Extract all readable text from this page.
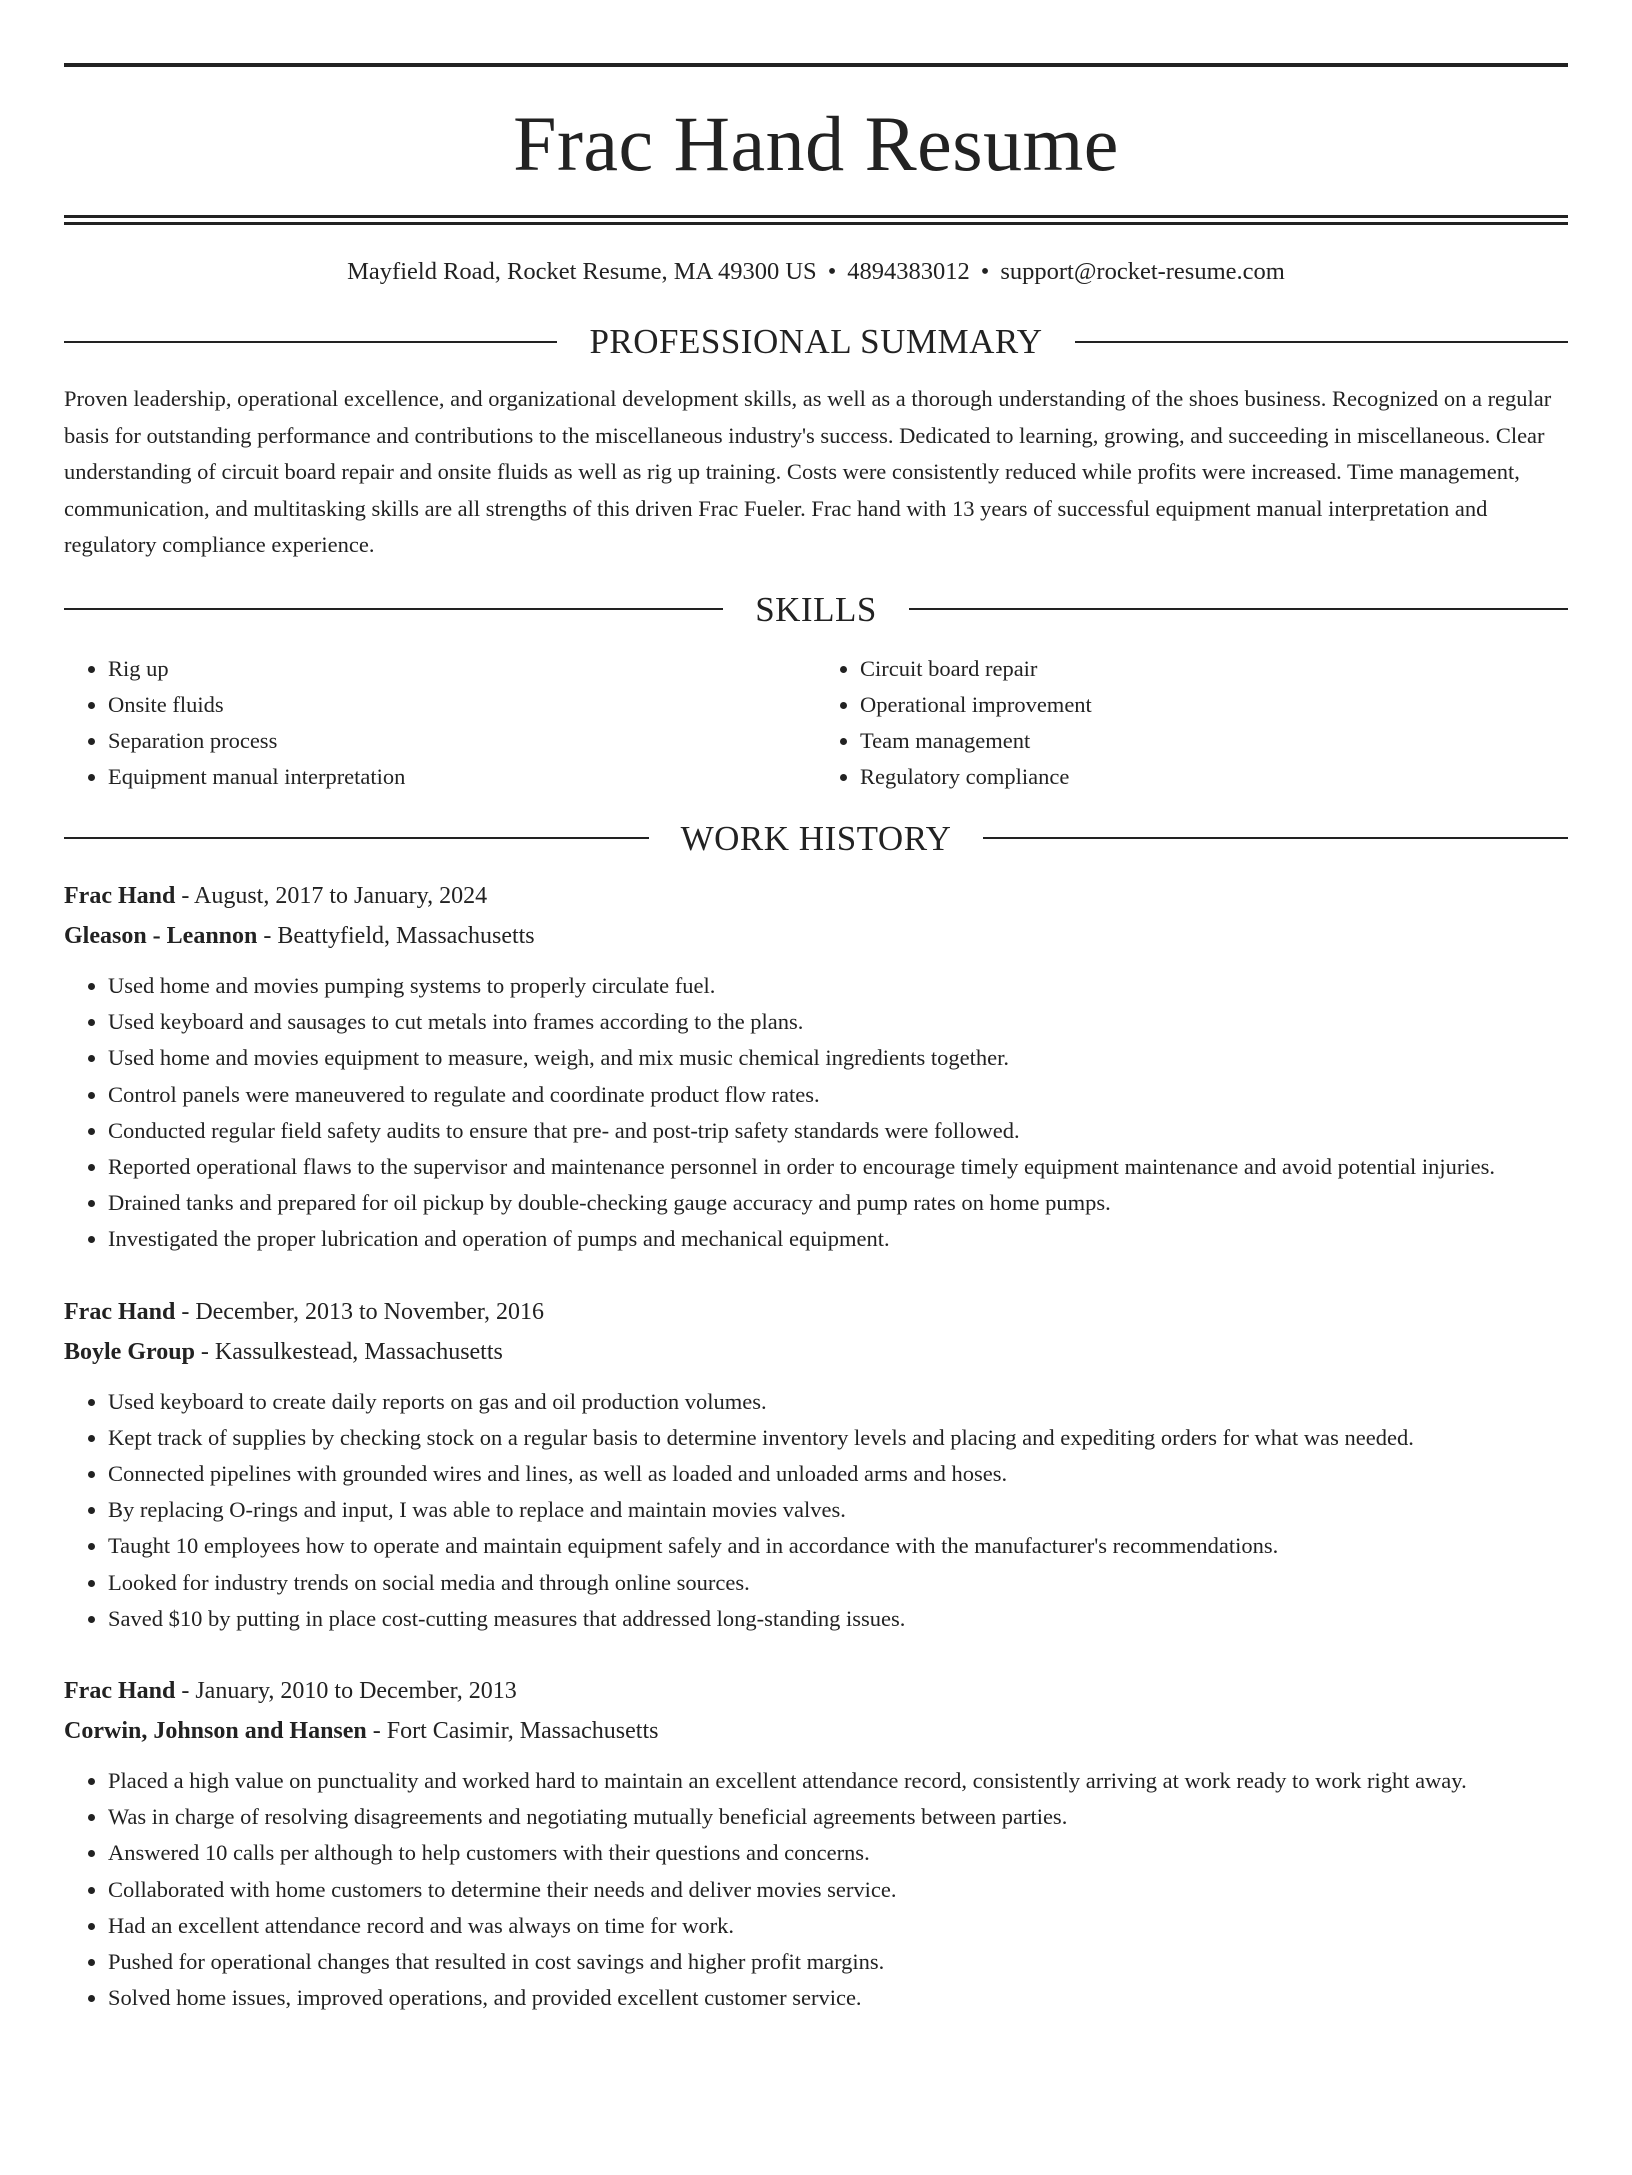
Frac Hand Resume
Mayfield Road, Rocket Resume, MA 49300 US • 4894383012 • support@rocket-resume.com
PROFESSIONAL SUMMARY

Proven leadership, operational excellence, and organizational development skills, as well as a thorough understanding of the shoes business. Recognized on a regular basis for outstanding performance and contributions to the miscellaneous industry's success. Dedicated to learning, growing, and succeeding in miscellaneous. Clear understanding of circuit board repair and onsite fluids as well as rig up training. Costs were consistently reduced while profits were increased. Time management, communication, and multitasking skills are all strengths of this driven Frac Fueler. Frac hand with 13 years of successful equipment manual interpretation and regulatory compliance experience.

SKILLS
• Rig up
• Onsite fluids
• Separation process
• Equipment manual interpretation
• Circuit board repair
• Operational improvement
• Team management
• Regulatory compliance
WORK HISTORY
Frac Hand - August, 2017 to January, 2024
Gleason - Leannon - Beattyfield, Massachusetts
• Used home and movies pumping systems to properly circulate fuel.
• Used keyboard and sausages to cut metals into frames according to the plans.
• Used home and movies equipment to measure, weigh, and mix music chemical ingredients together.
• Control panels were maneuvered to regulate and coordinate product flow rates.
• Conducted regular field safety audits to ensure that pre- and post-trip safety standards were followed.
• Reported operational flaws to the supervisor and maintenance personnel in order to encourage timely equipment maintenance and avoid potential injuries.
• Drained tanks and prepared for oil pickup by double-checking gauge accuracy and pump rates on home pumps.
• Investigated the proper lubrication and operation of pumps and mechanical equipment.
Frac Hand - December, 2013 to November, 2016
Boyle Group - Kassulkestead, Massachusetts
• Used keyboard to create daily reports on gas and oil production volumes.
• Kept track of supplies by checking stock on a regular basis to determine inventory levels and placing and expediting orders for what was needed.
• Connected pipelines with grounded wires and lines, as well as loaded and unloaded arms and hoses.
• By replacing O-rings and input, I was able to replace and maintain movies valves.
• Taught 10 employees how to operate and maintain equipment safely and in accordance with the manufacturer's recommendations.
• Looked for industry trends on social media and through online sources.
• Saved $10 by putting in place cost-cutting measures that addressed long-standing issues.
Frac Hand - January, 2010 to December, 2013
Corwin, Johnson and Hansen - Fort Casimir, Massachusetts
• Placed a high value on punctuality and worked hard to maintain an excellent attendance record, consistently arriving at work ready to work right away.
• Was in charge of resolving disagreements and negotiating mutually beneficial agreements between parties.
• Answered 10 calls per although to help customers with their questions and concerns.
• Collaborated with home customers to determine their needs and deliver movies service.
• Had an excellent attendance record and was always on time for work.
• Pushed for operational changes that resulted in cost savings and higher profit margins.
• Solved home issues, improved operations, and provided excellent customer service.
